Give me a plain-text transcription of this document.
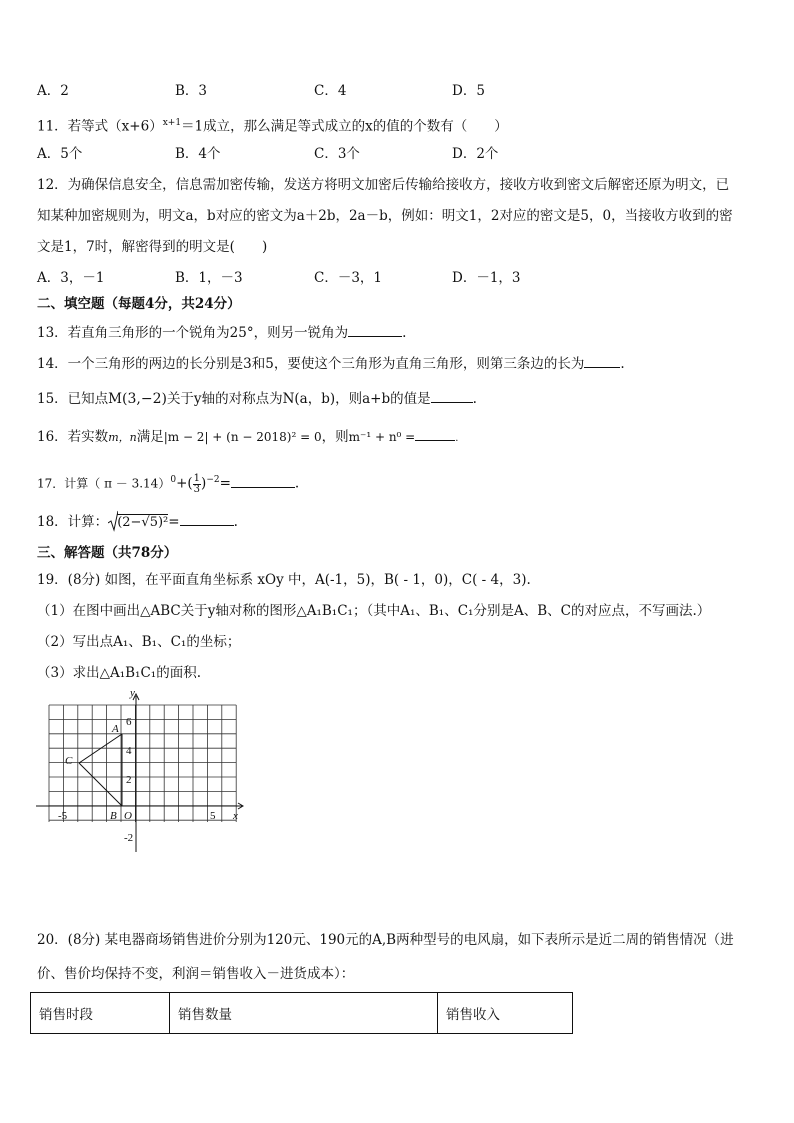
A．2	B．3	C．4	D．5
11．若等式$(x+6)^{x+1}=1$成立，那么满足等式成立的x的值的个数有（　　）
A．5个	B．4个	C．3个	D．2个
12．为确保信息安全，信息需加密传输，发送方将明文加密后传输给接收方，接收方收到密文后解密还原为明文，已
知某种加密规则为，明文a，b对应的密文为a＋2b，2a－b，例如：明文1，2对应的密文是5，0，当接收方收到的密
文是1，7时，解密得到的明文是(　　)
A．3，－1	B．1，－3	C．－3，1	D．－1，3
二、填空题（每题4分，共24分）
13．若直角三角形的一个锐角为25°，则另一锐角为	.
14．一个三角形的两边的长分别是3和5，要使这个三角形为直角三角形，则第三条边的长为	.
15．已知点M(3,−2)关于y轴的对称点为N(a，b)，则a+b的值是	.
16．若实数m，n满足|m − 2| + (n − 2018)² = 0，则m⁻¹ + n⁰ =	.
17．计算（ $\pi - 3.14)^0+( \frac{1}{3} )^{-2}=$	.
18．计算： (2−√5)²=	.
三、解答题（共78分）
19．(8分) 如图，在平面直角坐标系 xOy 中，A(-1，5)，B( - 1，0)，C( - 4，3).
（1）在图中画出△ABC关于y轴对称的图形△A₁B₁C₁；（其中A₁、B₁、C₁分别是A、B、C的对应点，不写画法.）
（2）写出点A₁、B₁、C₁的坐标；
（3）求出△A₁B₁C₁的面积.
y
x
A
B
C
O
6
4
2
-2
-5	5
20．(8分) 某电器商场销售进价分别为120元、190元的A,B两种型号的电风扇，如下表所示是近二周的销售情况（进
价、售价均保持不变，利润＝销售收入－进货成本）：
销售时段	销售数量	销售收入
